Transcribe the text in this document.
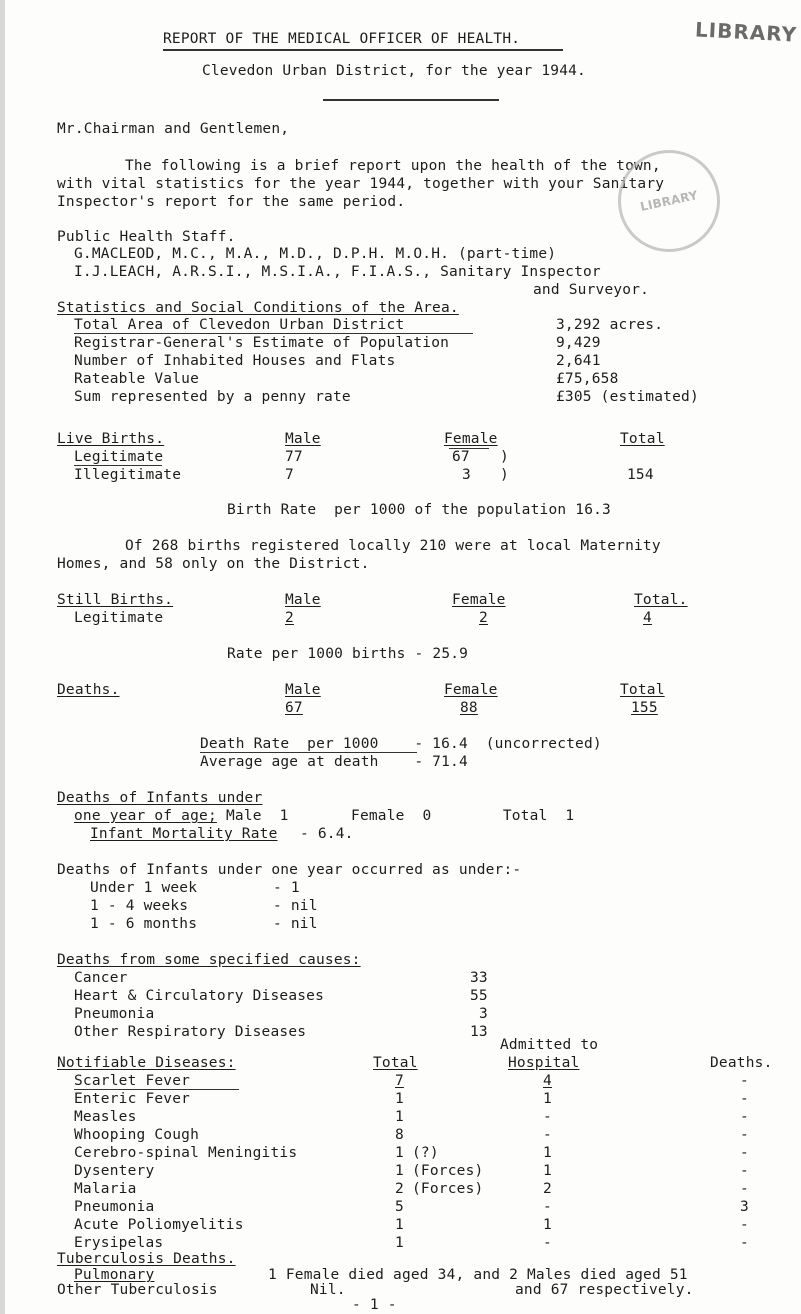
LIBRARY
REPORT OF THE MEDICAL OFFICER OF HEALTH.
Clevedon Urban District, for the year 1944.
Mr.Chairman and Gentlemen,
The following is a brief report upon the health of the town,
with vital statistics for the year 1944, together with your Sanitary
Inspector's report for the same period.	LIBRARY
Public Health Staff.
G.MACLEOD, M.C., M.A., M.D., D.P.H. M.O.H. (part-time)
I.J.LEACH, A.R.S.I., M.S.I.A., F.I.A.S., Sanitary Inspector
and Surveyor.
Statistics and Social Conditions of the Area.
Total Area of Clevedon Urban District	3,292 acres.
Registrar-General's Estimate of Population	9,429
Number of Inhabited Houses and Flats	2,641
Rateable Value	£75,658
Sum represented by a penny rate	£305 (estimated)
Live Births.	Male	Female	Total
Legitimate	77	67 )
Illegitimate	7	3 )	154
Birth Rate  per 1000 of the population 16.3
Of 268 births registered locally 210 were at local Maternity
Homes, and 58 only on the District.
Still Births.	Male	Female	Total.
Legitimate	2	2	4
Rate per 1000 births - 25.9
Deaths.	Male	Female	Total
67	88	155
Death Rate  per 1000    - 16.4  (uncorrected)
Average age at death    - 71.4
Deaths of Infants under
one year of age; Male  1       Female  0        Total  1
Infant Mortality Rate - 6.4.
Deaths of Infants under one year occurred as under:-
Under 1 week	- 1
1 - 4 weeks	- nil
1 - 6 months	- nil
Deaths from some specified causes:
Cancer	33
Heart & Circulatory Diseases	55
Pneumonia	3
Other Respiratory Diseases	13
Admitted to
Notifiable Diseases:	Total	Hospital	Deaths.
Scarlet Fever	7	4	-
Enteric Fever	1	1	-
Measles	1	-	-
Whooping Cough	8	-	-
Cerebro-spinal Meningitis	1 (?)	1	-
Dysentery	1 (Forces)	1	-
Malaria	2 (Forces)	2	-
Pneumonia	5	-	3
Acute Poliomyelitis	1	1	-
Erysipelas	1	-	-
Tuberculosis Deaths.
Pulmonary	1 Female died aged 34, and 2 Males died aged 51
and 67 respectively.
Other Tuberculosis	Nil.
- 1 -
